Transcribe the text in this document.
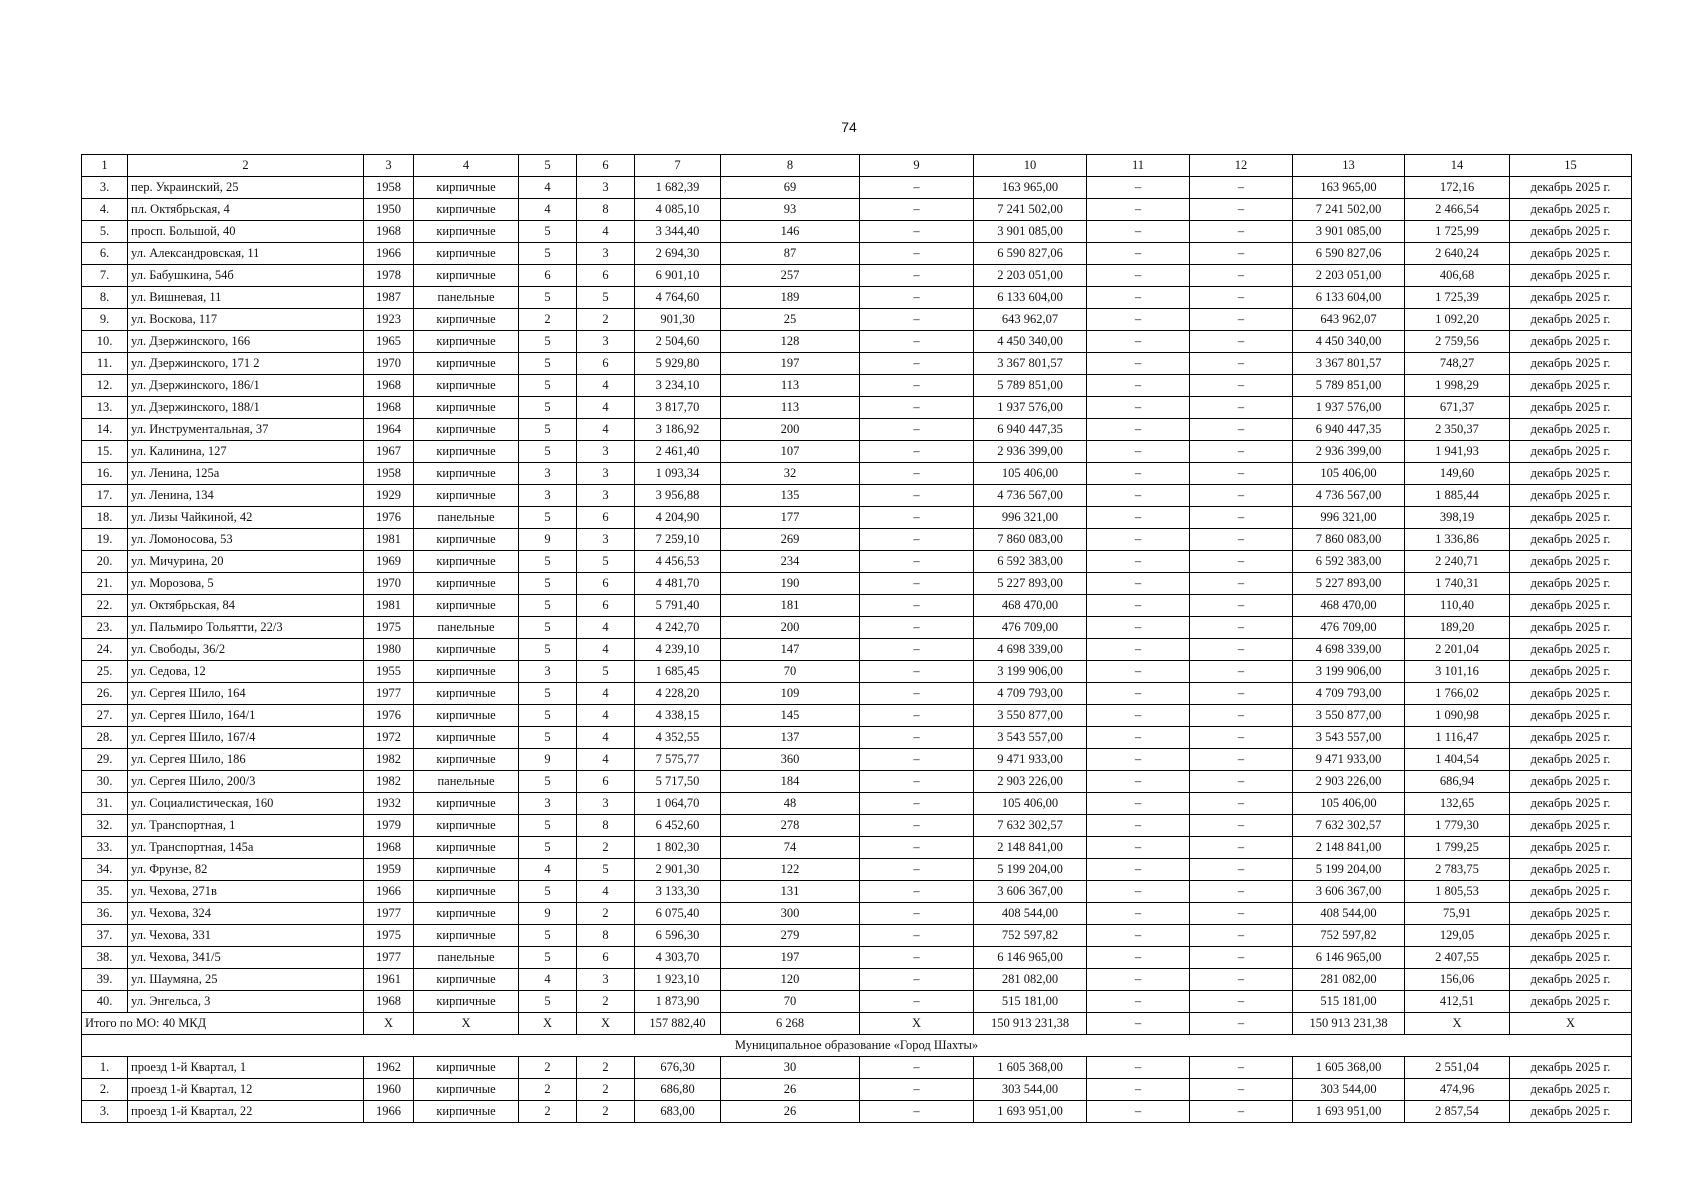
74
1	2	3	4	5	6	7	8	9	10	11	12	13	14	15
3.	пер. Украинский, 25	1958	кирпичные	4	3	1 682,39	69	–	163 965,00	–	–	163 965,00	172,16	декабрь 2025 г.
4.	пл. Октябрьская, 4	1950	кирпичные	4	8	4 085,10	93	–	7 241 502,00	–	–	7 241 502,00	2 466,54	декабрь 2025 г.
5.	просп. Большой, 40	1968	кирпичные	5	4	3 344,40	146	–	3 901 085,00	–	–	3 901 085,00	1 725,99	декабрь 2025 г.
6.	ул. Александровская, 11	1966	кирпичные	5	3	2 694,30	87	–	6 590 827,06	–	–	6 590 827,06	2 640,24	декабрь 2025 г.
7.	ул. Бабушкина, 54б	1978	кирпичные	6	6	6 901,10	257	–	2 203 051,00	–	–	2 203 051,00	406,68	декабрь 2025 г.
8.	ул. Вишневая, 11	1987	панельные	5	5	4 764,60	189	–	6 133 604,00	–	–	6 133 604,00	1 725,39	декабрь 2025 г.
9.	ул. Воскова, 117	1923	кирпичные	2	2	901,30	25	–	643 962,07	–	–	643 962,07	1 092,20	декабрь 2025 г.
10.	ул. Дзержинского, 166	1965	кирпичные	5	3	2 504,60	128	–	4 450 340,00	–	–	4 450 340,00	2 759,56	декабрь 2025 г.
11.	ул. Дзержинского, 171 2	1970	кирпичные	5	6	5 929,80	197	–	3 367 801,57	–	–	3 367 801,57	748,27	декабрь 2025 г.
12.	ул. Дзержинского, 186/1	1968	кирпичные	5	4	3 234,10	113	–	5 789 851,00	–	–	5 789 851,00	1 998,29	декабрь 2025 г.
13.	ул. Дзержинского, 188/1	1968	кирпичные	5	4	3 817,70	113	–	1 937 576,00	–	–	1 937 576,00	671,37	декабрь 2025 г.
14.	ул. Инструментальная, 37	1964	кирпичные	5	4	3 186,92	200	–	6 940 447,35	–	–	6 940 447,35	2 350,37	декабрь 2025 г.
15.	ул. Калинина, 127	1967	кирпичные	5	3	2 461,40	107	–	2 936 399,00	–	–	2 936 399,00	1 941,93	декабрь 2025 г.
16.	ул. Ленина, 125а	1958	кирпичные	3	3	1 093,34	32	–	105 406,00	–	–	105 406,00	149,60	декабрь 2025 г.
17.	ул. Ленина, 134	1929	кирпичные	3	3	3 956,88	135	–	4 736 567,00	–	–	4 736 567,00	1 885,44	декабрь 2025 г.
18.	ул. Лизы Чайкиной, 42	1976	панельные	5	6	4 204,90	177	–	996 321,00	–	–	996 321,00	398,19	декабрь 2025 г.
19.	ул. Ломоносова, 53	1981	кирпичные	9	3	7 259,10	269	–	7 860 083,00	–	–	7 860 083,00	1 336,86	декабрь 2025 г.
20.	ул. Мичурина, 20	1969	кирпичные	5	5	4 456,53	234	–	6 592 383,00	–	–	6 592 383,00	2 240,71	декабрь 2025 г.
21.	ул. Морозова, 5	1970	кирпичные	5	6	4 481,70	190	–	5 227 893,00	–	–	5 227 893,00	1 740,31	декабрь 2025 г.
22.	ул. Октябрьская, 84	1981	кирпичные	5	6	5 791,40	181	–	468 470,00	–	–	468 470,00	110,40	декабрь 2025 г.
23.	ул. Пальмиро Тольятти, 22/3	1975	панельные	5	4	4 242,70	200	–	476 709,00	–	–	476 709,00	189,20	декабрь 2025 г.
24.	ул. Свободы, 36/2	1980	кирпичные	5	4	4 239,10	147	–	4 698 339,00	–	–	4 698 339,00	2 201,04	декабрь 2025 г.
25.	ул. Седова, 12	1955	кирпичные	3	5	1 685,45	70	–	3 199 906,00	–	–	3 199 906,00	3 101,16	декабрь 2025 г.
26.	ул. Сергея Шило, 164	1977	кирпичные	5	4	4 228,20	109	–	4 709 793,00	–	–	4 709 793,00	1 766,02	декабрь 2025 г.
27.	ул. Сергея Шило, 164/1	1976	кирпичные	5	4	4 338,15	145	–	3 550 877,00	–	–	3 550 877,00	1 090,98	декабрь 2025 г.
28.	ул. Сергея Шило, 167/4	1972	кирпичные	5	4	4 352,55	137	–	3 543 557,00	–	–	3 543 557,00	1 116,47	декабрь 2025 г.
29.	ул. Сергея Шило, 186	1982	кирпичные	9	4	7 575,77	360	–	9 471 933,00	–	–	9 471 933,00	1 404,54	декабрь 2025 г.
30.	ул. Сергея Шило, 200/3	1982	панельные	5	6	5 717,50	184	–	2 903 226,00	–	–	2 903 226,00	686,94	декабрь 2025 г.
31.	ул. Социалистическая, 160	1932	кирпичные	3	3	1 064,70	48	–	105 406,00	–	–	105 406,00	132,65	декабрь 2025 г.
32.	ул. Транспортная, 1	1979	кирпичные	5	8	6 452,60	278	–	7 632 302,57	–	–	7 632 302,57	1 779,30	декабрь 2025 г.
33.	ул. Транспортная, 145а	1968	кирпичные	5	2	1 802,30	74	–	2 148 841,00	–	–	2 148 841,00	1 799,25	декабрь 2025 г.
34.	ул. Фрунзе, 82	1959	кирпичные	4	5	2 901,30	122	–	5 199 204,00	–	–	5 199 204,00	2 783,75	декабрь 2025 г.
35.	ул. Чехова, 271в	1966	кирпичные	5	4	3 133,30	131	–	3 606 367,00	–	–	3 606 367,00	1 805,53	декабрь 2025 г.
36.	ул. Чехова, 324	1977	кирпичные	9	2	6 075,40	300	–	408 544,00	–	–	408 544,00	75,91	декабрь 2025 г.
37.	ул. Чехова, 331	1975	кирпичные	5	8	6 596,30	279	–	752 597,82	–	–	752 597,82	129,05	декабрь 2025 г.
38.	ул. Чехова, 341/5	1977	панельные	5	6	4 303,70	197	–	6 146 965,00	–	–	6 146 965,00	2 407,55	декабрь 2025 г.
39.	ул. Шаумяна, 25	1961	кирпичные	4	3	1 923,10	120	–	281 082,00	–	–	281 082,00	156,06	декабрь 2025 г.
40.	ул. Энгельса, 3	1968	кирпичные	5	2	1 873,90	70	–	515 181,00	–	–	515 181,00	412,51	декабрь 2025 г.
Итого по МО: 40 МКД		X	X	X	X	157 882,40	6 268	X	150 913 231,38	–	–	150 913 231,38	X	X
Муниципальное образование «Город Шахты»														
1.	проезд 1-й Квартал, 1	1962	кирпичные	2	2	676,30	30	–	1 605 368,00	–	–	1 605 368,00	2 551,04	декабрь 2025 г.
2.	проезд 1-й Квартал, 12	1960	кирпичные	2	2	686,80	26	–	303 544,00	–	–	303 544,00	474,96	декабрь 2025 г.
3.	проезд 1-й Квартал, 22	1966	кирпичные	2	2	683,00	26	–	1 693 951,00	–	–	1 693 951,00	2 857,54	декабрь 2025 г.
